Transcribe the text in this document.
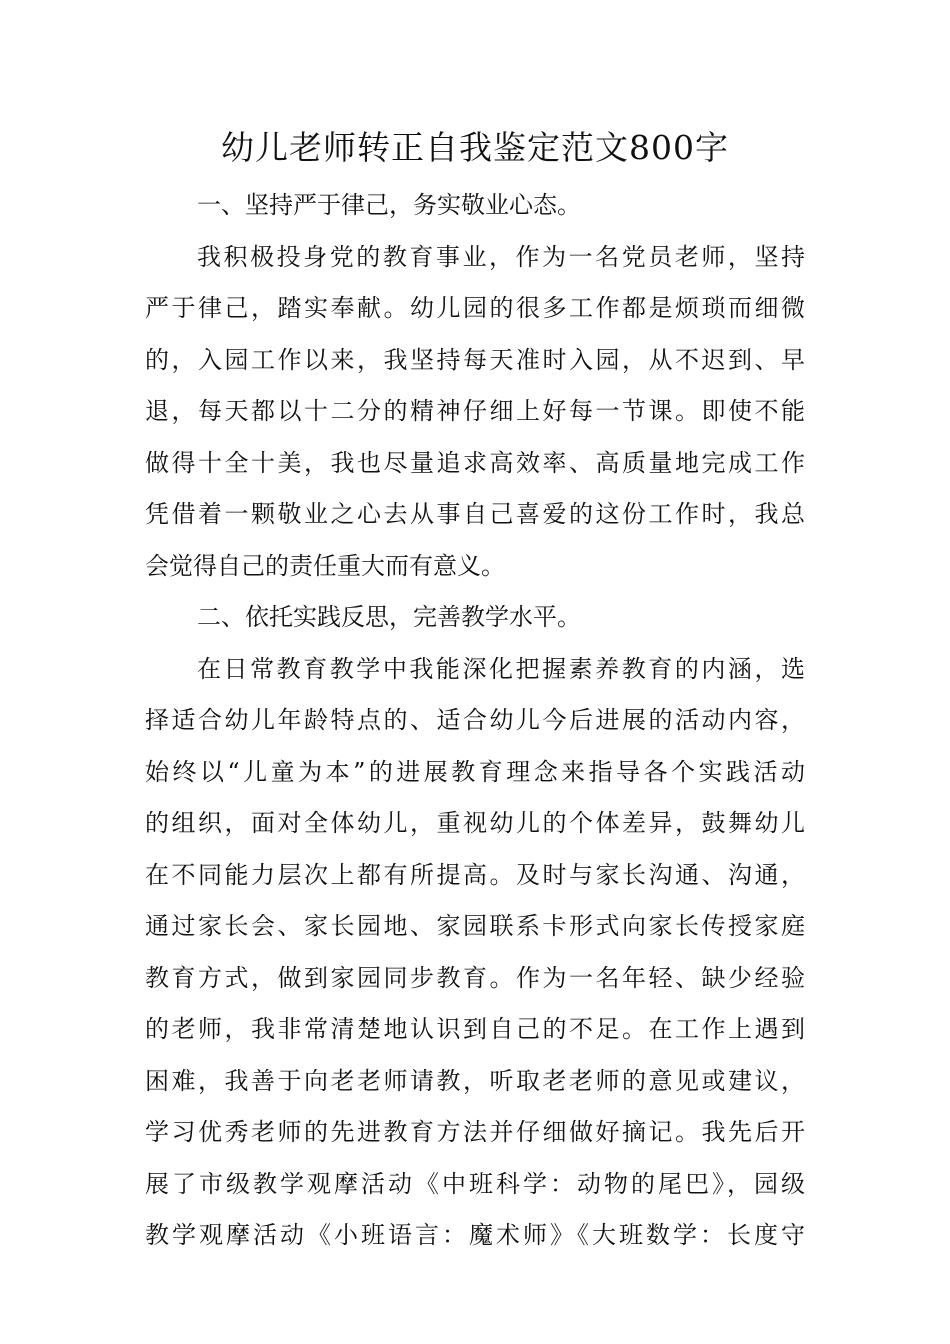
幼儿老师转正自我鉴定范文800字
一、坚持严于律己，务实敬业心态。
我积极投身党的教育事业，作为一名党员老师，坚持
严于律己，踏实奉献。幼儿园的很多工作都是烦琐而细微
的，入园工作以来，我坚持每天准时入园，从不迟到、早
退，每天都以十二分的精神仔细上好每一节课。即使不能
做得十全十美，我也尽量追求高效率、高质量地完成工作
凭借着一颗敬业之心去从事自己喜爱的这份工作时，我总
会觉得自己的责任重大而有意义。
二、依托实践反思，完善教学水平。
在日常教育教学中我能深化把握素养教育的内涵，选
择适合幼儿年龄特点的、适合幼儿今后进展的活动内容，
始终以“儿童为本”的进展教育理念来指导各个实践活动
的组织，面对全体幼儿，重视幼儿的个体差异，鼓舞幼儿
在不同能力层次上都有所提高。及时与家长沟通、沟通，
通过家长会、家长园地、家园联系卡形式向家长传授家庭
教育方式，做到家园同步教育。作为一名年轻、缺少经验
的老师，我非常清楚地认识到自己的不足。在工作上遇到
困难，我善于向老老师请教，听取老老师的意见或建议，
学习优秀老师的先进教育方法并仔细做好摘记。我先后开
展了市级教学观摩活动《中班科学：动物的尾巴》，园级
教学观摩活动《小班语言：魔术师》《大班数学：长度守
